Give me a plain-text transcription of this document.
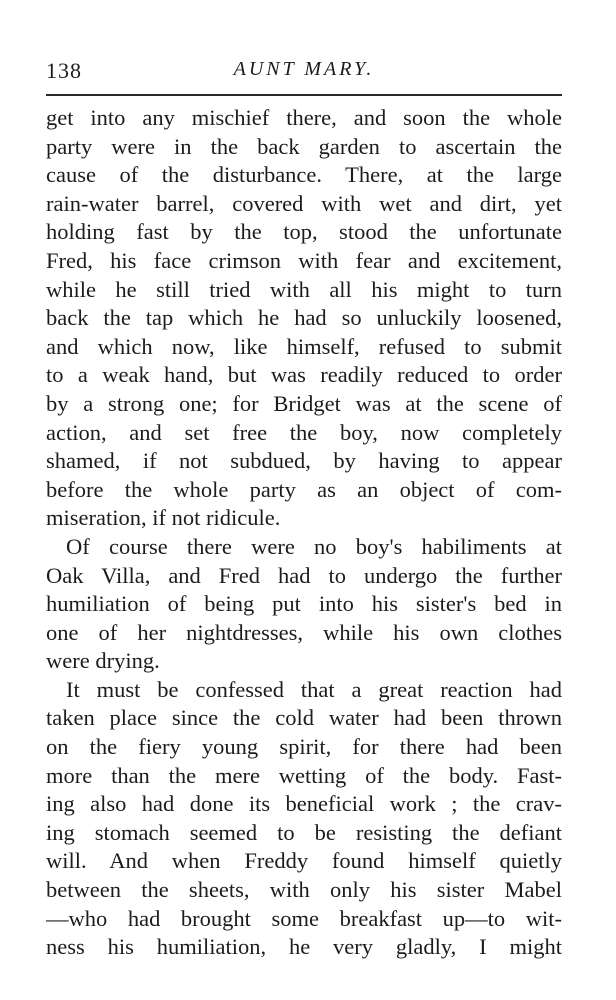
138	AUNT MARY.
get into any mischief there, and soon the whole
party were in the back garden to ascertain the
cause of the disturbance. There, at the large
rain-water barrel, covered with wet and dirt, yet
holding fast by the top, stood the unfortunate
Fred, his face crimson with fear and excitement,
while he still tried with all his might to turn
back the tap which he had so unluckily loosened,
and which now, like himself, refused to submit
to a weak hand, but was readily reduced to order
by a strong one; for Bridget was at the scene of
action, and set free the boy, now completely
shamed, if not subdued, by having to appear
before the whole party as an object of com-
miseration, if not ridicule.
Of course there were no boy's habiliments at
Oak Villa, and Fred had to undergo the further
humiliation of being put into his sister's bed in
one of her nightdresses, while his own clothes
were drying.
It must be confessed that a great reaction had
taken place since the cold water had been thrown
on the fiery young spirit, for there had been
more than the mere wetting of the body. Fast-
ing also had done its beneficial work ; the crav-
ing stomach seemed to be resisting the defiant
will. And when Freddy found himself quietly
between the sheets, with only his sister Mabel
—who had brought some breakfast up—to wit-
ness his humiliation, he very gladly, I might
